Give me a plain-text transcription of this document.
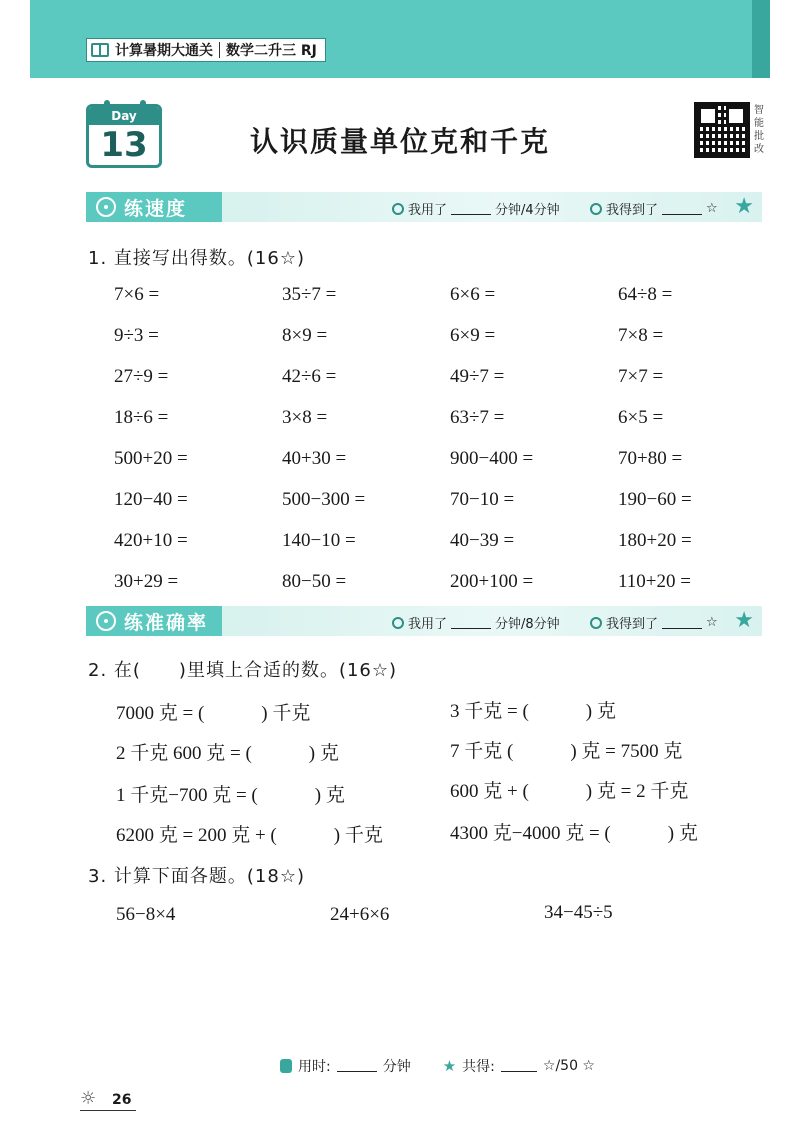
计算暑期大通关 数学二升三 RJ
Day
13	认识质量单位克和千克
智能批改
练速度	我用了	分钟/4分钟	我得到了	☆ ★
1. 直接写出得数。(16☆)
7×6 =	35÷7 =	6×6 =	64÷8 =
9÷3 =	8×9 =	6×9 =	7×8 =
27÷9 =	42÷6 =	49÷7 =	7×7 =
18÷6 =	3×8 =	63÷7 =	6×5 =
500+20 =	40+30 =	900−400 =	70+80 =
120−40 =	500−300 =	70−10 =	190−60 =
420+10 =	140−10 =	40−39 =	180+20 =
30+29 =	80−50 =	200+100 =	110+20 =
练准确率	我用了	分钟/8分钟	我得到了	☆ ★
2. 在(　　)里填上合适的数。(16☆)
7000 克 = (　　　) 千克	3 千克 = (　　　) 克
2 千克 600 克 = (　　　) 克	7 千克 (　　　) 克 = 7500 克
1 千克−700 克 = (　　　) 克	600 克 + (　　　) 克 = 2 千克
6200 克 = 200 克 + (　　　) 千克	4300 克−4000 克 = (　　　) 克
3. 计算下面各题。(18☆)
56−8×4	24+6×6	34−45÷5
用时:	分钟 ★ 共得:	☆/50 ☆
☼	26
